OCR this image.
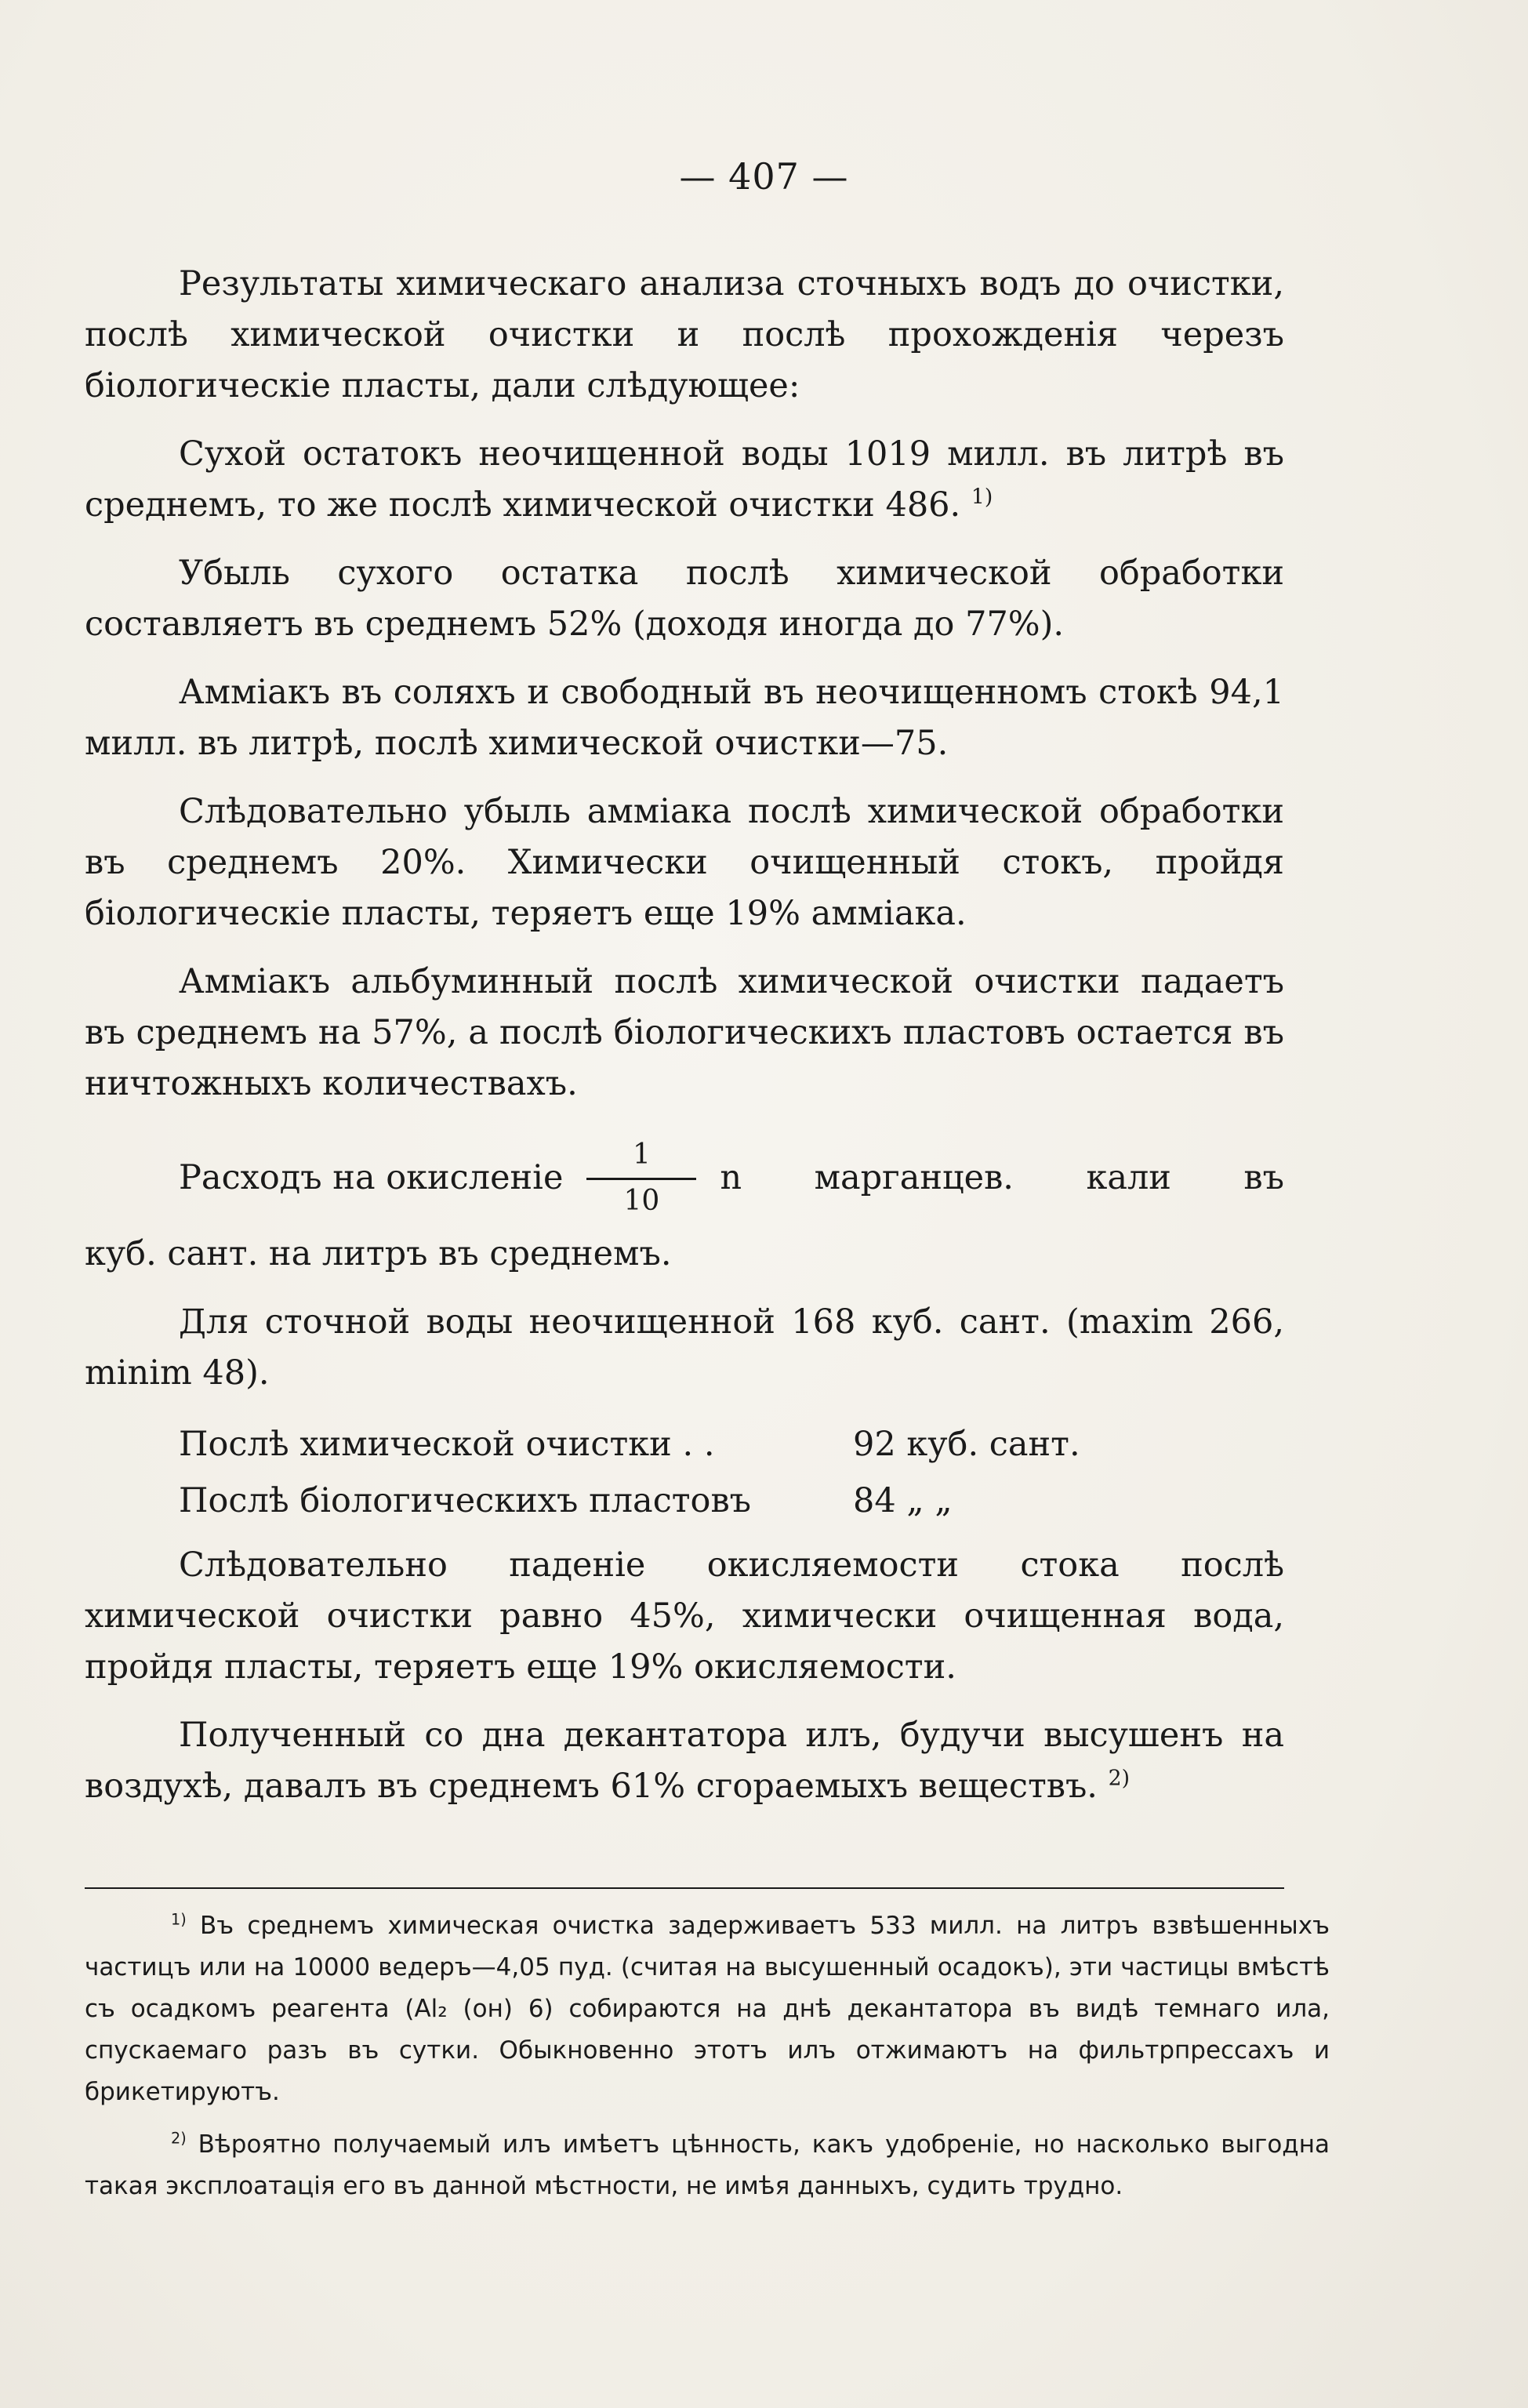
— 407 —

Результаты химическаго анализа сточныхъ водъ до очистки, послѣ химической очистки и послѣ прохожденія черезъ біологическіе пласты, дали слѣдующее:

Сухой остатокъ неочищенной воды 1019 милл. въ литрѣ въ среднемъ, то же послѣ химической очистки 486. $^{1)}$

Убыль сухого остатка послѣ химической обработки составляетъ въ среднемъ 52% (доходя иногда до 77%).

Аммiакъ въ соляхъ и свободный въ неочищенномъ стокѣ 94,1 милл. въ литрѣ, послѣ химической очистки—75.

Слѣдовательно убыль аммiака послѣ химической обработки въ среднемъ 20%. Химически очищенный стокъ, пройдя біологическіе пласты, теряетъ еще 19% аммiака.

Аммiакъ альбуминный послѣ химической очистки падаетъ въ среднемъ на 57%, а послѣ біологическихъ пластовъ остается въ ничтожныхъ количествахъ.

Расходъ на окисленіе $\frac{1}{10}$ n марганцев. кали въ

куб. сант. на литръ въ среднемъ.

Для сточной воды неочищенной 168 куб. сант. (maxim 266, minim 48).

Послѣ химической очистки . .	92 куб. сант.
Послѣ біологическихъ пластовъ	84 „ „

Слѣдовательно паденіе окисляемости стока послѣ химической очистки равно 45%, химически очищенная вода, пройдя пласты, теряетъ еще 19% окисляемости.

Полученный со дна декантатора илъ, будучи высушенъ на воздухѣ, давалъ въ среднемъ 61% сгораемыхъ веществъ. $^{2)}$

$^{1)}$ Въ среднемъ химическая очистка задерживаетъ 533 милл. на литръ взвѣшенныхъ частицъ или на 10000 ведеръ—4,05 пуд. (считая на высушенный осадокъ), эти частицы вмѣстѣ съ осадкомъ реагента (Al₂ (он) 6) собираются на днѣ декантатора въ видѣ темнаго ила, спускаемаго разъ въ сутки. Обыкновенно этотъ илъ отжимаютъ на фильтрпрессахъ и брикетируютъ.

$^{2)}$ Вѣроятно получаемый илъ имѣетъ цѣнность, какъ удобреніе, но насколько выгодна такая эксплоатація его въ данной мѣстности, не имѣя данныхъ, судить трудно.
